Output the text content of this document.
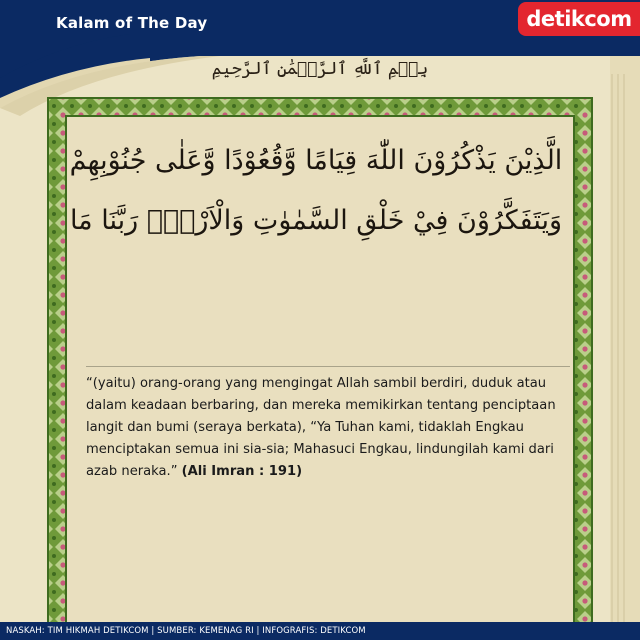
Kalam of The Day	detikcom
بِسۡمِ ٱللَّهِ ٱلرَّحۡمَٰنِ ٱلرَّحِيمِ
الَّذِيْنَ يَذْكُرُوْنَ اللّٰهَ قِيَامًا وَّقُعُوْدًا وَّعَلٰى جُنُوْبِهِمْ
وَيَتَفَكَّرُوْنَ فِيْ خَلْقِ السَّمٰوٰتِ وَالْاَرْضِۚ رَبَّنَا مَا
“(yaitu) orang-orang yang mengingat Allah sambil berdiri, duduk atau dalam keadaan berbaring, dan mereka memikirkan tentang penciptaan langit dan bumi (seraya berkata), “Ya Tuhan kami, tidaklah Engkau menciptakan semua ini sia-sia; Mahasuci Engkau, lindungilah kami dari azab neraka.” (Ali Imran : 191)
NASKAH: TIM HIKMAH DETIKCOM | SUMBER: KEMENAG RI | INFOGRAFIS: DETIKCOM
